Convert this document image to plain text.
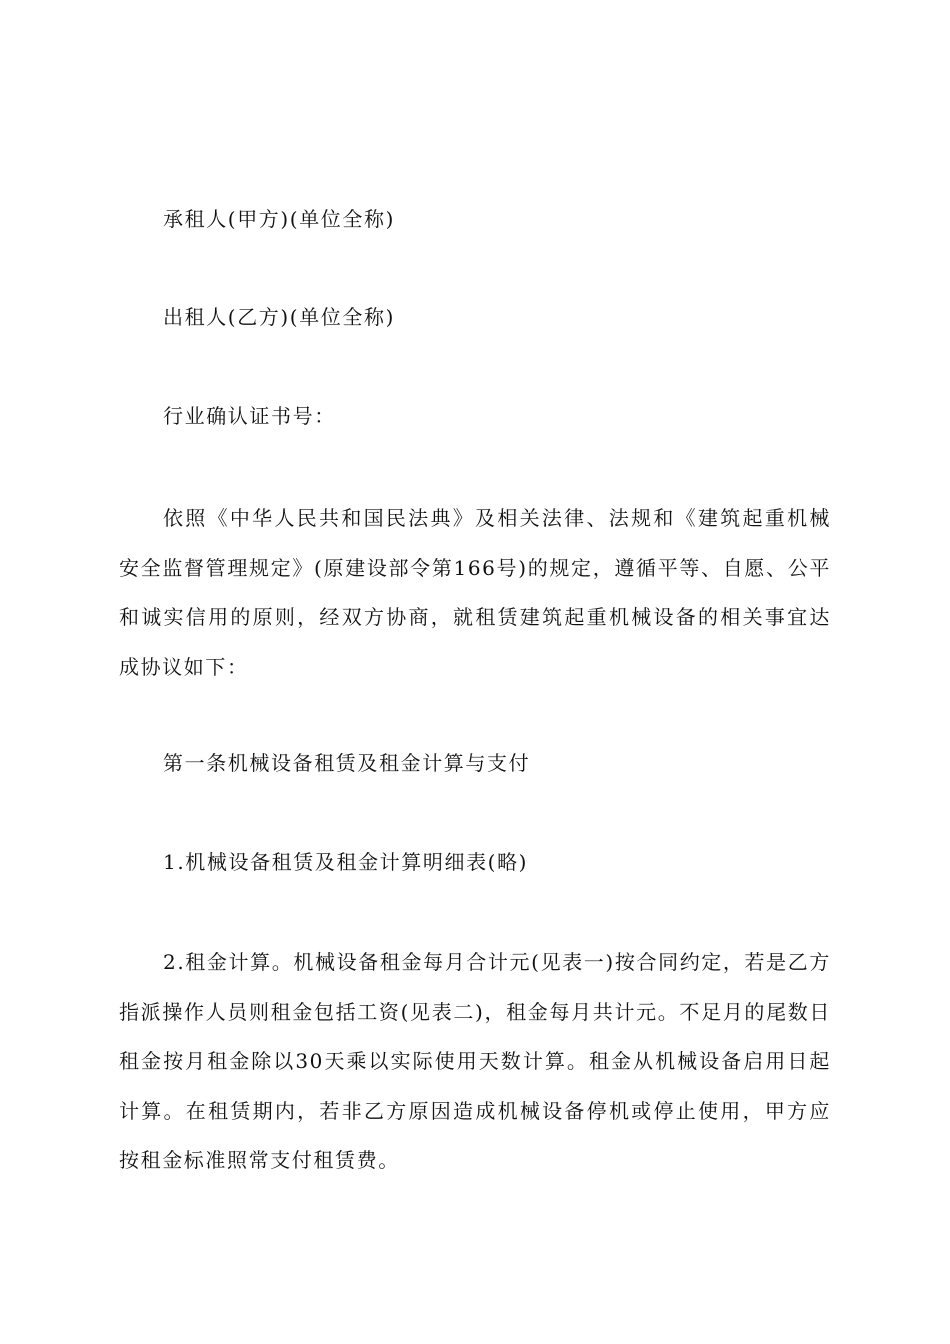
承租人(甲方)(单位全称)

出租人(乙方)(单位全称)

行业确认证书号：

依照《中华人民共和国民法典》及相关法律、法规和《建筑起重机械安全监督管理规定》(原建设部令第166号)的规定，遵循平等、自愿、公平和诚实信用的原则，经双方协商，就租赁建筑起重机械设备的相关事宜达成协议如下：

第一条机械设备租赁及租金计算与支付

1.机械设备租赁及租金计算明细表(略)

2.租金计算。机械设备租金每月合计元(见表一)按合同约定，若是乙方指派操作人员则租金包括工资(见表二)，租金每月共计元。不足月的尾数日租金按月租金除以30天乘以实际使用天数计算。租金从机械设备启用日起计算。在租赁期内，若非乙方原因造成机械设备停机或停止使用，甲方应按租金标准照常支付租赁费。
